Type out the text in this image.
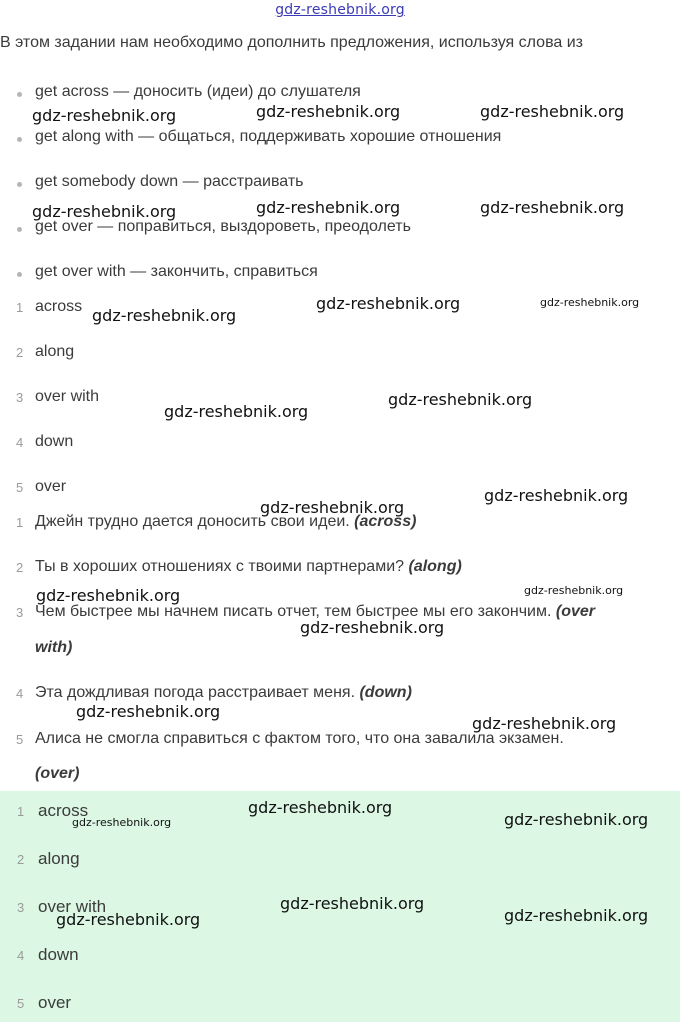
gdz-reshebnik.org
В этом задании нам необходимо дополнить предложения, используя слова из
get across — доносить (идеи) до слушателя
get along with — общаться, поддерживать хорошие отношения
get somebody down — расстраивать
get over — поправиться, выздороветь, преодолеть
get over with — закончить, справиться
1 across
2 along
3 over with
4 down
5 over
1 Джейн трудно дается доносить свои идеи. (across)
2 Ты в хороших отношениях с твоими партнерами? (along)
3 Чем быстрее мы начнем писать отчет, тем быстрее мы его закончим. (over
with)
4 Эта дождливая погода расстраивает меня. (down)
5 Алиса не смогла справиться с фактом того, что она завалила экзамен.
(over)
1 across
2 along
3 over with
4 down
5 over
gdz-reshebnik.org	gdz-reshebnik.org	gdz-reshebnik.org
gdz-reshebnik.org	gdz-reshebnik.org	gdz-reshebnik.org
gdz-reshebnik.org
gdz-reshebnik.org	gdz-reshebnik.org
gdz-reshebnik.org
gdz-reshebnik.org
gdz-reshebnik.org
gdz-reshebnik.org
gdz-reshebnik.org	gdz-reshebnik.org
gdz-reshebnik.org
gdz-reshebnik.org
gdz-reshebnik.org
gdz-reshebnik.org
gdz-reshebnik.org	gdz-reshebnik.org
gdz-reshebnik.org
gdz-reshebnik.org	gdz-reshebnik.org
